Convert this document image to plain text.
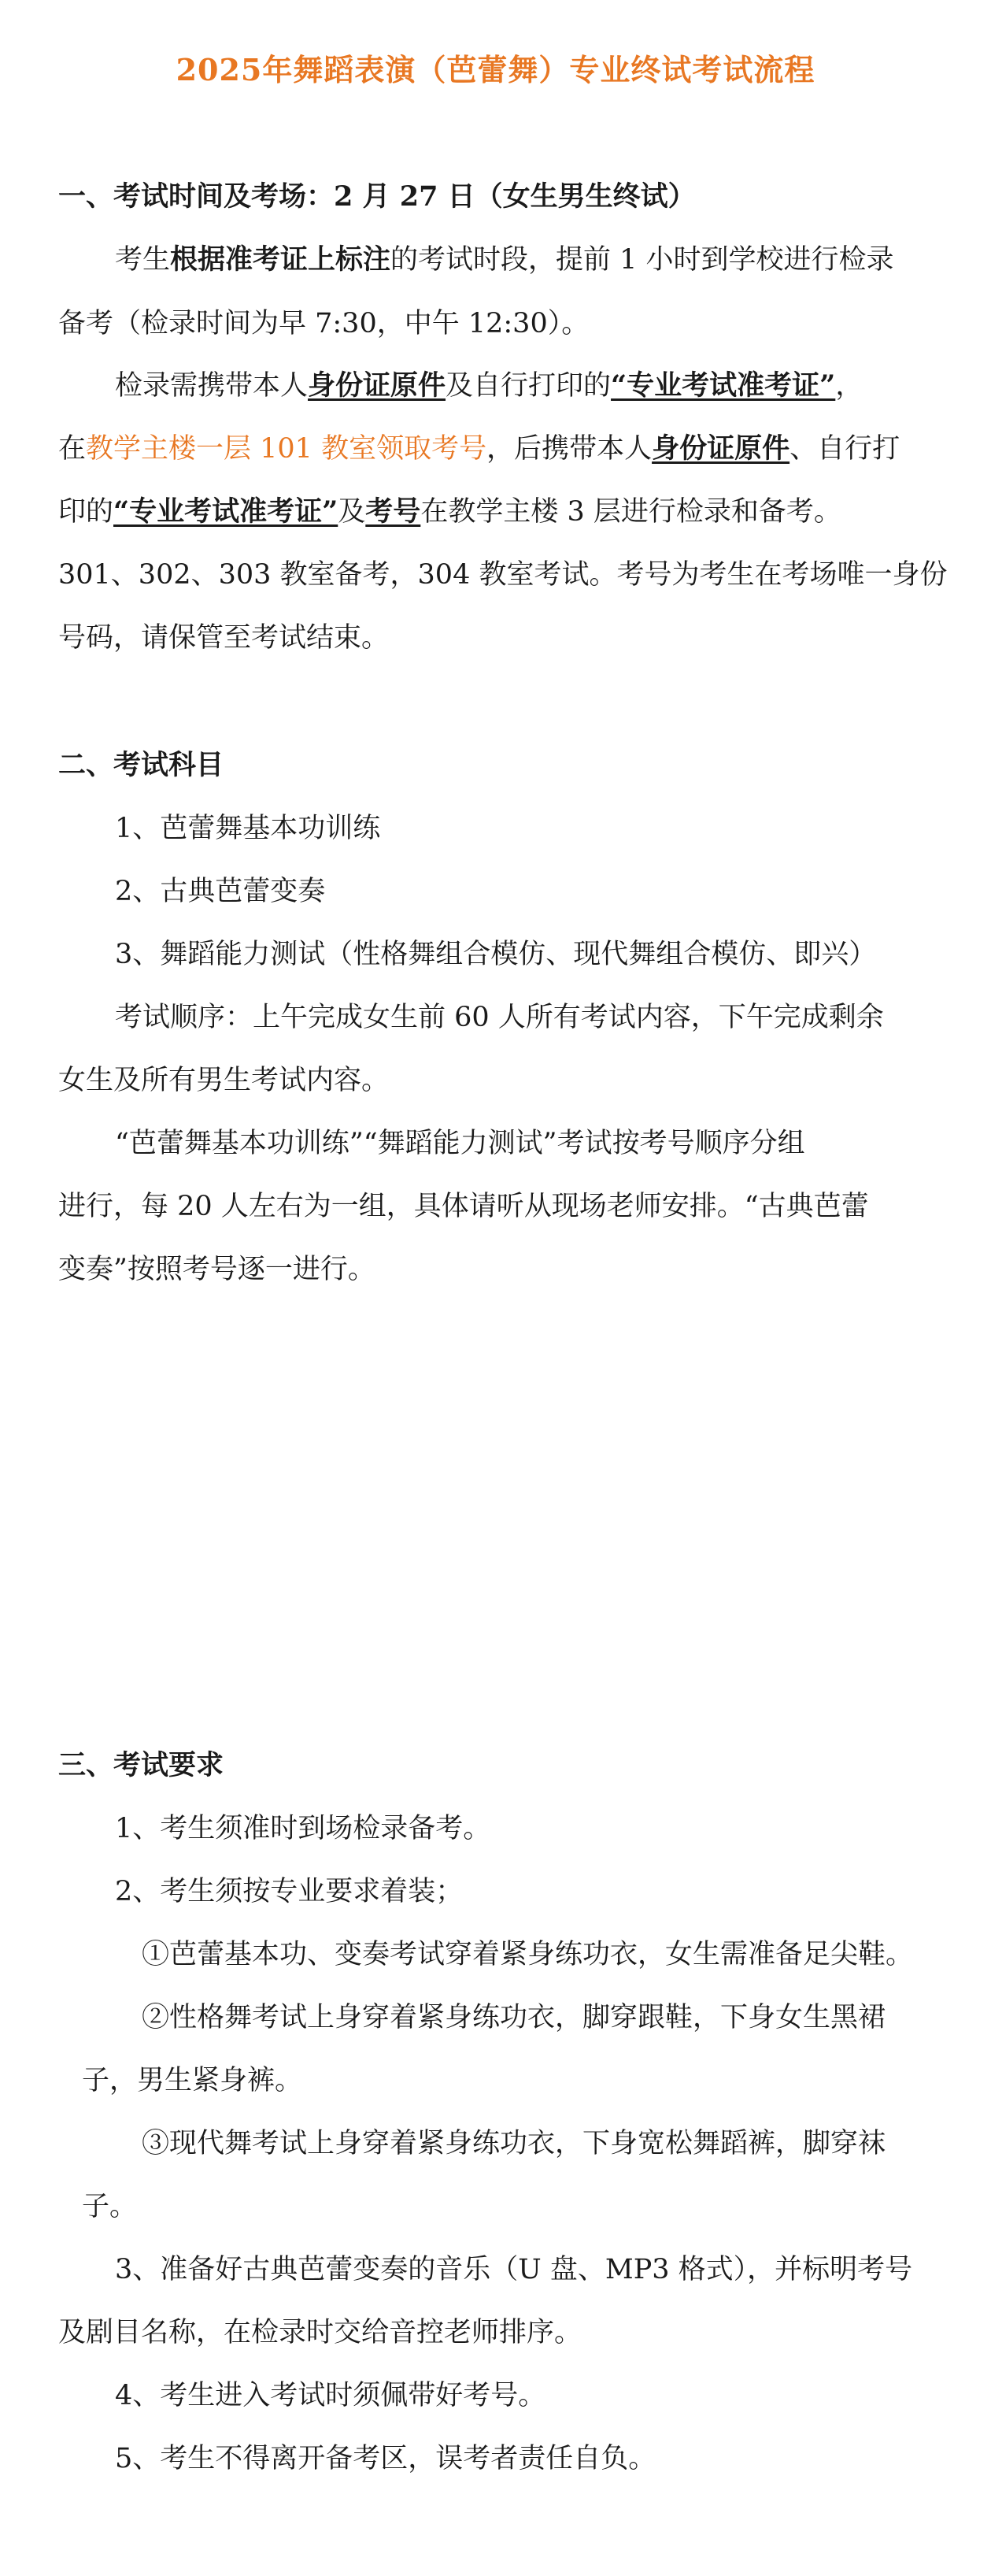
2025年舞蹈表演（芭蕾舞）专业终试考试流程
一、考试时间及考场：2 月 27 日（女生男生终试）
考生根据准考证上标注的考试时段，提前 1 小时到学校进行检录
备考（检录时间为早 7:30，中午 12:30）。
检录需携带本人身份证原件及自行打印的“专业考试准考证”，
在教学主楼一层 101 教室领取考号，后携带本人身份证原件、自行打
印的“专业考试准考证”及考号在教学主楼 3 层进行检录和备考。
301、302、303 教室备考，304 教室考试。考号为考生在考场唯一身份
号码，请保管至考试结束。
二、考试科目
1、芭蕾舞基本功训练
2、古典芭蕾变奏
3、舞蹈能力测试（性格舞组合模仿、现代舞组合模仿、即兴）
考试顺序：上午完成女生前 60 人所有考试内容，下午完成剩余
女生及所有男生考试内容。
“芭蕾舞基本功训练”“舞蹈能力测试”考试按考号顺序分组
进行，每 20 人左右为一组，具体请听从现场老师安排。“古典芭蕾
变奏”按照考号逐一进行。
三、考试要求
1、考生须准时到场检录备考。
2、考生须按专业要求着装；
①芭蕾基本功、变奏考试穿着紧身练功衣，女生需准备足尖鞋。
②性格舞考试上身穿着紧身练功衣，脚穿跟鞋，下身女生黑裙
子，男生紧身裤。
③现代舞考试上身穿着紧身练功衣，下身宽松舞蹈裤，脚穿袜
子。
3、准备好古典芭蕾变奏的音乐（U 盘、MP3 格式），并标明考号
及剧目名称，在检录时交给音控老师排序。
4、考生进入考试时须佩带好考号。
5、考生不得离开备考区，误考者责任自负。
